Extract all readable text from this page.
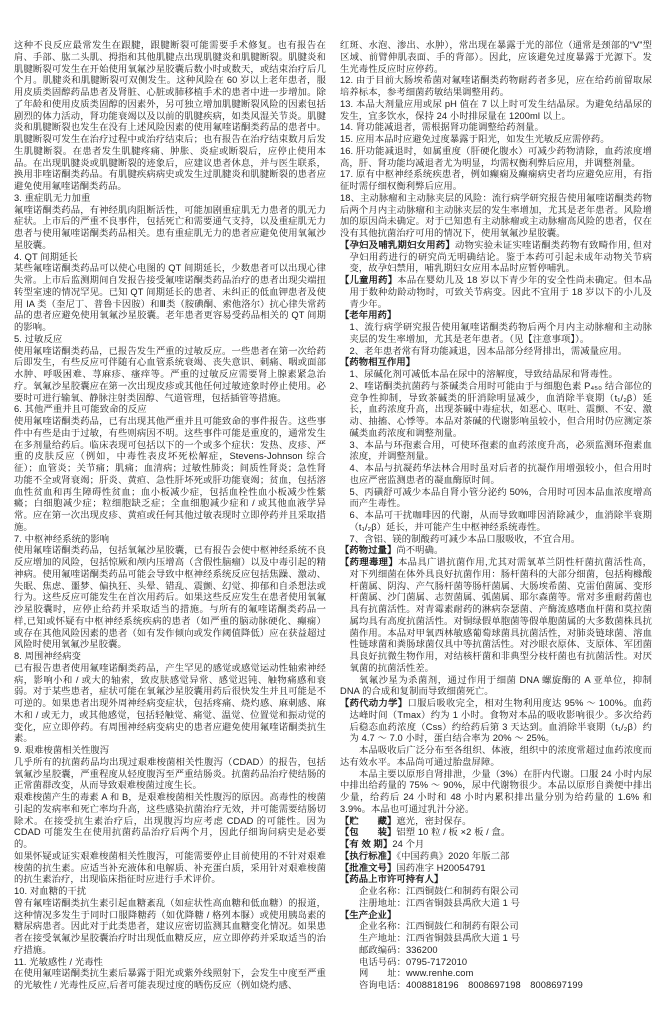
这种不良反应最常发生在跟腱，跟腱断裂可能需要手术修复。也有报告在肩、手部、肱二头肌、拇指和其他肌腱点出现肌腱炎和肌腱断裂。肌腱炎和肌腱断裂可发生在开始使用氧氟沙星胶囊后数小时或数天，或结束治疗后几个月。肌腱炎和肌腱断裂可双侧发生。这种风险在 60 岁以上老年患者，服用皮质类固醇药品患者及肾脏、心脏或肺移植手术的患者中进一步增加。除了年龄和使用皮质类固醇的因素外，另可独立增加肌腱断裂风险的因素包括剧烈的体力活动，肾功能衰竭以及以前的肌腱疾病，如类风湿关节炎。肌腱炎和肌腱断裂也发生在没有上述风险因素的使用氟喹诺酮类药品的患者中。肌腱断裂可发生在治疗过程中或治疗结束后；也有报告在治疗结束数月后发生肌腱断裂。在患者发生肌腱疼痛、肿胀、炎症或断裂后，应停止使用本品。在出现肌腱炎或肌腱断裂的迹象后，应建议患者休息，并与医生联系，换用非喹诺酮类药品。有肌腱疾病病史或发生过肌腱炎和肌腱断裂的患者应避免使用氟喹诺酮类药品。

3. 重症肌无力加重

氟喹诺酮类药品，有神经肌肉阻断活性，可能加剧重症肌无力患者的肌无力症状。上市后的严重不良事件，包括死亡和需要通气支持，以及重症肌无力患者与使用氟喹诺酮类药品相关。患有重症肌无力的患者应避免使用氧氟沙星胶囊。

4. QT 间期延长

某些氟喹诺酮类药品可以使心电图的 QT 间期延长，少数患者可以出现心律失常。上市后监测期间自发报告接受氟喹诺酮类药品治疗的患者出现尖端扭转型室速的情况罕见。已知 QT 间期延长的患者、未纠正的低血钾患者及使用 IA 类（奎尼丁、普鲁卡因胺）和Ⅲ类（胺碘酮、索他洛尔）抗心律失常药品的患者应避免使用氧氟沙星胶囊。老年患者更容易受药品相关的 QT 间期的影响。

5. 过敏反应

使用氟喹诺酮类药品，已报告发生严重的过敏反应。一些患者在第一次给药后即发生，有些反应可伴随有心血管系统衰竭、丧失意识、刺痛、咽或面部水肿、呼吸困难、荨麻疹、瘙痒等。严重的过敏反应需要肾上腺素紧急治疗。氧氟沙星胶囊应在第一次出现皮疹或其他任何过敏迹象时停止使用。必要时可进行输氧、静脉注射类固醇、气道管理，包括插管等措施。

6. 其他严重并且可能致命的反应

使用氟喹诺酮类药品，已有出现其他严重并且可能致命的事件报告。这些事件中有些是由于过敏，有些则病因不明。这些事件可能是重度的，通常发生在多剂量给药后。临床表现可包括以下的一个或多个症状：发热、皮疹、严重的皮肤反应（例如，中毒性表皮坏死松解症，Stevens-Johnson 综合征）；血管炎；关节痛；肌痛；血清病；过敏性肺炎；间质性肾炎；急性肾功能不全或肾衰竭；肝炎、黄疸、急性肝坏死或肝功能衰竭；贫血，包括溶血性贫血和再生障碍性贫血；血小板减少症，包括血栓性血小板减少性紫癜；白细胞减少症；粒细胞缺乏症；全血细胞减少症和 / 或其他血液学异常。应在第一次出现皮疹、黄疸或任何其他过敏表现时立即停药并且采取措施。

7. 中枢神经系统的影响

使用氟喹诺酮类药品，包括氧氟沙星胶囊，已有报告会使中枢神经系统不良反应增加的风险，包括惊厥和颅内压增高（含假性脑瘤）以及中毒引起的精神病。使用氟喹诺酮类药品可能会导致中枢神经系统反应包括焦躁、激动、失眠、焦虑、噩梦、偏执狂、头晕、错乱、震颤、幻觉、抑郁和自杀想法或行为。这些反应可能发生在首次用药后。如果这些反应发生在患者使用氧氟沙星胶囊时，应停止给药并采取适当的措施。与所有的氟喹诺酮类药品一样,已知或怀疑有中枢神经系统疾病的患者（如严重的脑动脉硬化、癫痫）或存在其他风险因素的患者（如有发作倾向或发作阈值降低）应在获益超过风险时使用氧氟沙星胶囊。

8. 周围神经病变

已有报告患者使用氟喹诺酮类药品，产生罕见的感觉或感觉运动性轴索神经病，影响小和 / 或大的轴索，致皮肤感觉异常、感觉迟钝、触物痛感和衰弱。对于某些患者，症状可能在氧氟沙星胶囊用药后很快发生并且可能是不可逆的。如果患者出现外周神经病变症状，包括疼痛、烧灼感、麻刺感、麻木和 / 或无力，或其他感觉，包括轻触觉、痛觉、温觉、位置觉和振动觉的变化，应立即停药。有周围神经病变病史的患者应避免使用氟喹诺酮类抗生素。

9. 艰难梭菌相关性腹泻

几乎所有的抗菌药品均出现过艰难梭菌相关性腹泻（CDAD）的报告，包括氧氟沙星胶囊，严重程度从轻度腹泻至严重结肠炎。抗菌药品治疗使结肠的正常菌群改变，从而导致艰难梭菌过度生长。

艰难梭菌产生的毒素 A 和 B，是艰难梭菌相关性腹泻的原因。高毒性的梭菌引起的发病率和死亡率均升高，这些感染抗菌治疗无效，并可能需要结肠切除术。在接受抗生素治疗后，出现腹泻均应考虑 CDAD 的可能性。因为 CDAD 可能发生在使用抗菌药品治疗后两个月，因此仔细询问病史是必要的。

如果怀疑或证实艰难梭菌相关性腹泻，可能需要停止目前使用的不针对艰难梭菌的抗生素。应适当补充液体和电解质、补充蛋白质，采用针对艰难梭菌的抗生素治疗，出现临床指征时应进行手术评价。

10. 对血糖的干扰

曾有氟喹诺酮类抗生素引起血糖紊乱（如症状性高血糖和低血糖）的报道，这种情况多发生于同时口服降糖药（如优降糖 / 格列本脲）或使用胰岛素的糖尿病患者。因此对于此类患者，建议应密切监测其血糖变化情况。如果患者在接受氧氟沙星胶囊治疗时出现低血糖反应，应立即停药并采取适当的治疗措施。

11. 光敏感性 / 光毒性

在使用氟喹诺酮类抗生素后暴露于阳光或紫外线照射下，会发生中度至严重的光敏性 / 光毒性反应,后者可能表现过度的晒伤反应（例如烧灼感、

红斑、水泡、渗出、水肿），常出现在暴露于光的部位（通常是颈部的“V”型区域、前臂伸肌表面、手的背部）。因此，应该避免过度暴露于光源下。发生光毒性反应时应停药。

12. 由于目前大肠埃希菌对氟喹诺酮类药物耐药者多见，应在给药前留取尿培养标本，参考细菌药敏结果调整用药。

13. 本品大剂量应用或尿 pH 值在 7 以上时可发生结晶尿。为避免结晶尿的发生，宜多饮水，保持 24 小时排尿量在 1200ml 以上。

14. 肾功能减退者，需根据肾功能调整给药剂量。

15. 应用本品时应避免过度暴露于阳光，如发生光敏反应需停药。

16. 肝功能减退时，如属重度（肝硬化腹水）可减少药物清除，血药浓度增高，肝、肾功能均减退者尤为明显，均需权衡利弊后应用，并调整剂量。

17. 原有中枢神经系统疾患者，例如癫痫及癫痫病史者均应避免应用，有指征时需仔细权衡利弊后应用。

18、主动脉瘤和主动脉夹层的风险：流行病学研究报告使用氟喹诺酮类药物后两个月内主动脉瘤和主动脉夹层的发生率增加，尤其是老年患者。风险增加的原因尚未确定。对于已知患有主动脉瘤或主动脉瘤高风险的患者，仅在没有其他抗菌治疗可用的情况下，使用氧氟沙星胶囊。

【孕妇及哺乳期妇女用药】动物实验未证实喹诺酮类药物有致畸作用, 但对孕妇用药进行的研究尚无明确结论。鉴于本药可引起未成年动物关节病变，故孕妇禁用，哺乳期妇女应用本品时应暂停哺乳。

【儿童用药】本品在婴幼儿及 18 岁以下青少年的安全性尚未确定。但本品用于数种幼龄动物时，可致关节病变。因此不宜用于 18 岁以下的小儿及青少年。

【老年用药】

1、流行病学研究报告使用氟喹诺酮类药物后两个月内主动脉瘤和主动脉夹层的发生率增加，尤其是老年患者。（见【注意事项】）。

2、老年患者常有肾功能减退，因本品部分经肾排出，需减量应用。

【药物相互作用】

1、尿碱化剂可减低本品在尿中的溶解度，导致结晶尿和肾毒性。

2、喹诺酮类抗菌药与茶碱类合用时可能由于与细胞色素 P₄₅₀ 结合部位的竞争性抑制，导致茶碱类的肝消除明显减少，血消除半衰期（t₁/₂β）延长，血药浓度升高，出现茶碱中毒症状，如恶心、呕吐、震颤、不安、激动、抽搐、心悸等。本品对茶碱的代谢影响虽较小，但合用时仍应测定茶碱类血药浓度和调整剂量。

3、本品与环孢素合用，可使环孢素的血药浓度升高，必须监测环孢素血浓度，并调整剂量。

4、本品与抗凝药华法林合用时虽对后者的抗凝作用增强较小，但合用时也应严密监测患者的凝血酶原时间。

5、丙磺舒可减少本品自肾小管分泌约 50%，合用时可因本品血浓度增高而产生毒性。

6、本品可干扰咖啡因的代谢，从而导致咖啡因消除减少，血消除半衰期（t₁/₂β）延长，并可能产生中枢神经系统毒性。

7、含铝、镁的制酸药可减少本品口服吸收，不宜合用。

【药物过量】尚不明确。

【药理毒理】本品具广谱抗菌作用,尤其对需氧革兰阴性杆菌抗菌活性高，对下列细菌在体外具良好抗菌作用：肠杆菌科的大部分细菌，包括枸橼酸杆菌属、阴沟、产气肠杆菌等肠杆菌属、大肠埃希菌、克雷伯菌属、变形杆菌属、沙门菌属、志贺菌属、弧菌属、耶尔森菌等。常对多重耐药菌也具有抗菌活性。对青霉素耐药的淋病奈瑟菌、产酶流感嗜血杆菌和莫拉菌属均具有高度抗菌活性。对铜绿假单胞菌等假单胞菌属的大多数菌株具抗菌作用。本品对甲氧西林敏感葡萄球菌具抗菌活性，对肺炎链球菌、溶血性链球菌和粪肠球菌仅具中等抗菌活性。对沙眼衣原体、支原体、军团菌具良好抗微生物作用，对结核杆菌和非典型分枝杆菌也有抗菌活性。对厌氧菌的抗菌活性差。

氧氟沙星为杀菌剂，通过作用于细菌 DNA 螺旋酶的 A 亚单位，抑制 DNA 的合成和复制而导致细菌死亡。

【药代动力学】口服后吸收完全，相对生物利用度达 95% ～ 100%。血药达峰时间（Tmax）约为 1 小时。食物对本品的吸收影响很少。多次给药后稳态血药浓度（Css）约给药后第 3 天达到。血消除半衰期（t₁/₂β）约为 4.7 ～ 7.0 小时，蛋白结合率为 20% ～ 25%。

本品吸收后广泛分布至各组织、体液，组织中的浓度常超过血药浓度而达有效水平。本品尚可通过胎盘屏障。

本品主要以原形自肾排泄，少量（3%）在肝内代谢。口服 24 小时内尿中排出给药量的 75% ～ 90%，尿中代谢物很少。本品以原形自粪便中排出少量，给药后 24 小时和 48 小时内累积排出量分别为给药量的 1.6% 和 3.9%。本品也可通过乳汁分泌。

【贮　　藏】遮光，密封保存。

【包　　装】铝塑 10 粒 / 板 ×2 板 / 盒。

【有 效 期】24 个月

【执行标准】《中国药典》2020 年版二部

【批准文号】国药准字 H20054791

【药品上市许可持有人】

企业名称：江西铜鼓仁和制药有限公司

注册地址：江西省铜鼓县禹欣大道 1 号

【生产企业】

企业名称：江西铜鼓仁和制药有限公司

生产地址：江西省铜鼓县禹欣大道 1 号

邮政编码：336200

电话号码：0795-7172010

网　　址：www.renhe.com

咨询电话：4008818196　8008697198　8008697199
